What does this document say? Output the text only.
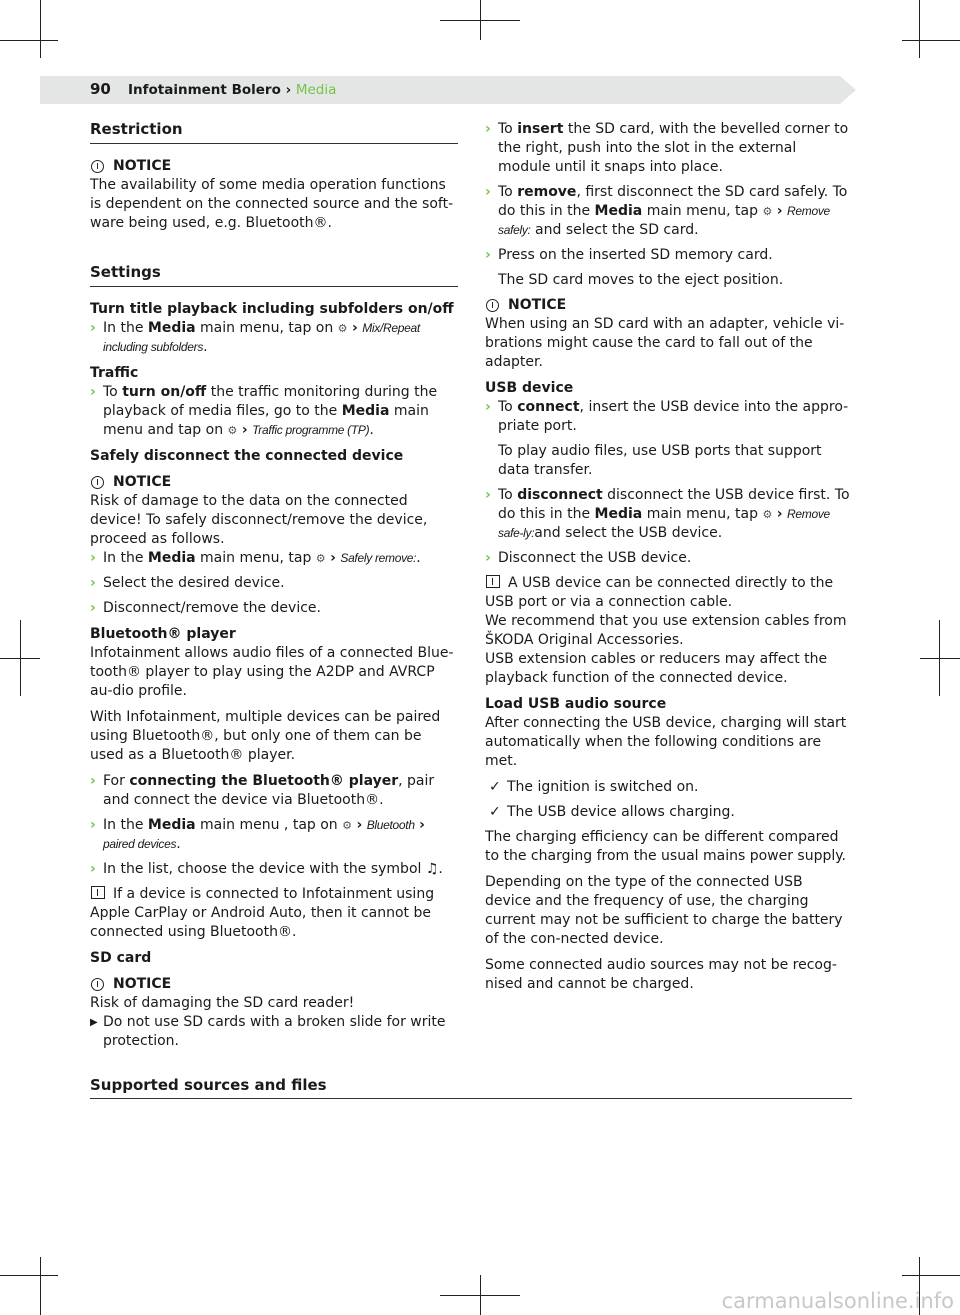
90 Infotainment Bolero › Media
Restriction
NOTICE
The availability of some media operation functions is dependent on the connected source and the soft-ware being used, e.g. Bluetooth®.
Settings
Turn title playback including subfolders on/off
› In the Media main menu, tap on ⚙ › Mix/Repeat including subfolders.
Traffic
› To turn on/off the traffic monitoring during the playback of media files, go to the Media main menu and tap on ⚙ › Traffic programme (TP).
Safely disconnect the connected device
NOTICE
Risk of damage to the data on the connected device! To safely disconnect/remove the device, proceed as follows.
› In the Media main menu, tap ⚙ › Safely remove:.
› Select the desired device.
› Disconnect/remove the device.
Bluetooth® player
Infotainment allows audio files of a connected Blue-tooth® player to play using the A2DP and AVRCP au-dio profile.
With Infotainment, multiple devices can be paired using Bluetooth®, but only one of them can be used as a Bluetooth® player.
› For connecting the Bluetooth® player, pair and connect the device via Bluetooth®.
› In the Media main menu , tap on ⚙ › Bluetooth › paired devices.
› In the list, choose the device with the symbol ♫.
If a device is connected to Infotainment using Apple CarPlay or Android Auto, then it cannot be connected using Bluetooth®.
SD card
NOTICE
Risk of damaging the SD card reader!
▶ Do not use SD cards with a broken slide for write protection.
› To insert the SD card, with the bevelled corner to the right, push into the slot in the external module until it snaps into place.
› To remove, first disconnect the SD card safely. To do this in the Media main menu, tap ⚙ › Remove safely: and select the SD card.
› Press on the inserted SD memory card.
The SD card moves to the eject position.
NOTICE
When using an SD card with an adapter, vehicle vi-brations might cause the card to fall out of the adapter.
USB device
› To connect, insert the USB device into the appro-priate port.
To play audio files, use USB ports that support data transfer.
› To disconnect disconnect the USB device first. To do this in the Media main menu, tap ⚙ › Remove safe-ly:and select the USB device.
› Disconnect the USB device.
A USB device can be connected directly to the USB port or via a connection cable.
We recommend that you use extension cables from ŠKODA Original Accessories.
USB extension cables or reducers may affect the playback function of the connected device.
Load USB audio source
After connecting the USB device, charging will start automatically when the following conditions are met.
✓ The ignition is switched on.
✓ The USB device allows charging.
The charging efficiency can be different compared to the charging from the usual mains power supply.
Depending on the type of the connected USB device and the frequency of use, the charging current may not be sufficient to charge the battery of the con-nected device.
Some connected audio sources may not be recog-nised and cannot be charged.
Supported sources and files
carmanualsonline.info
